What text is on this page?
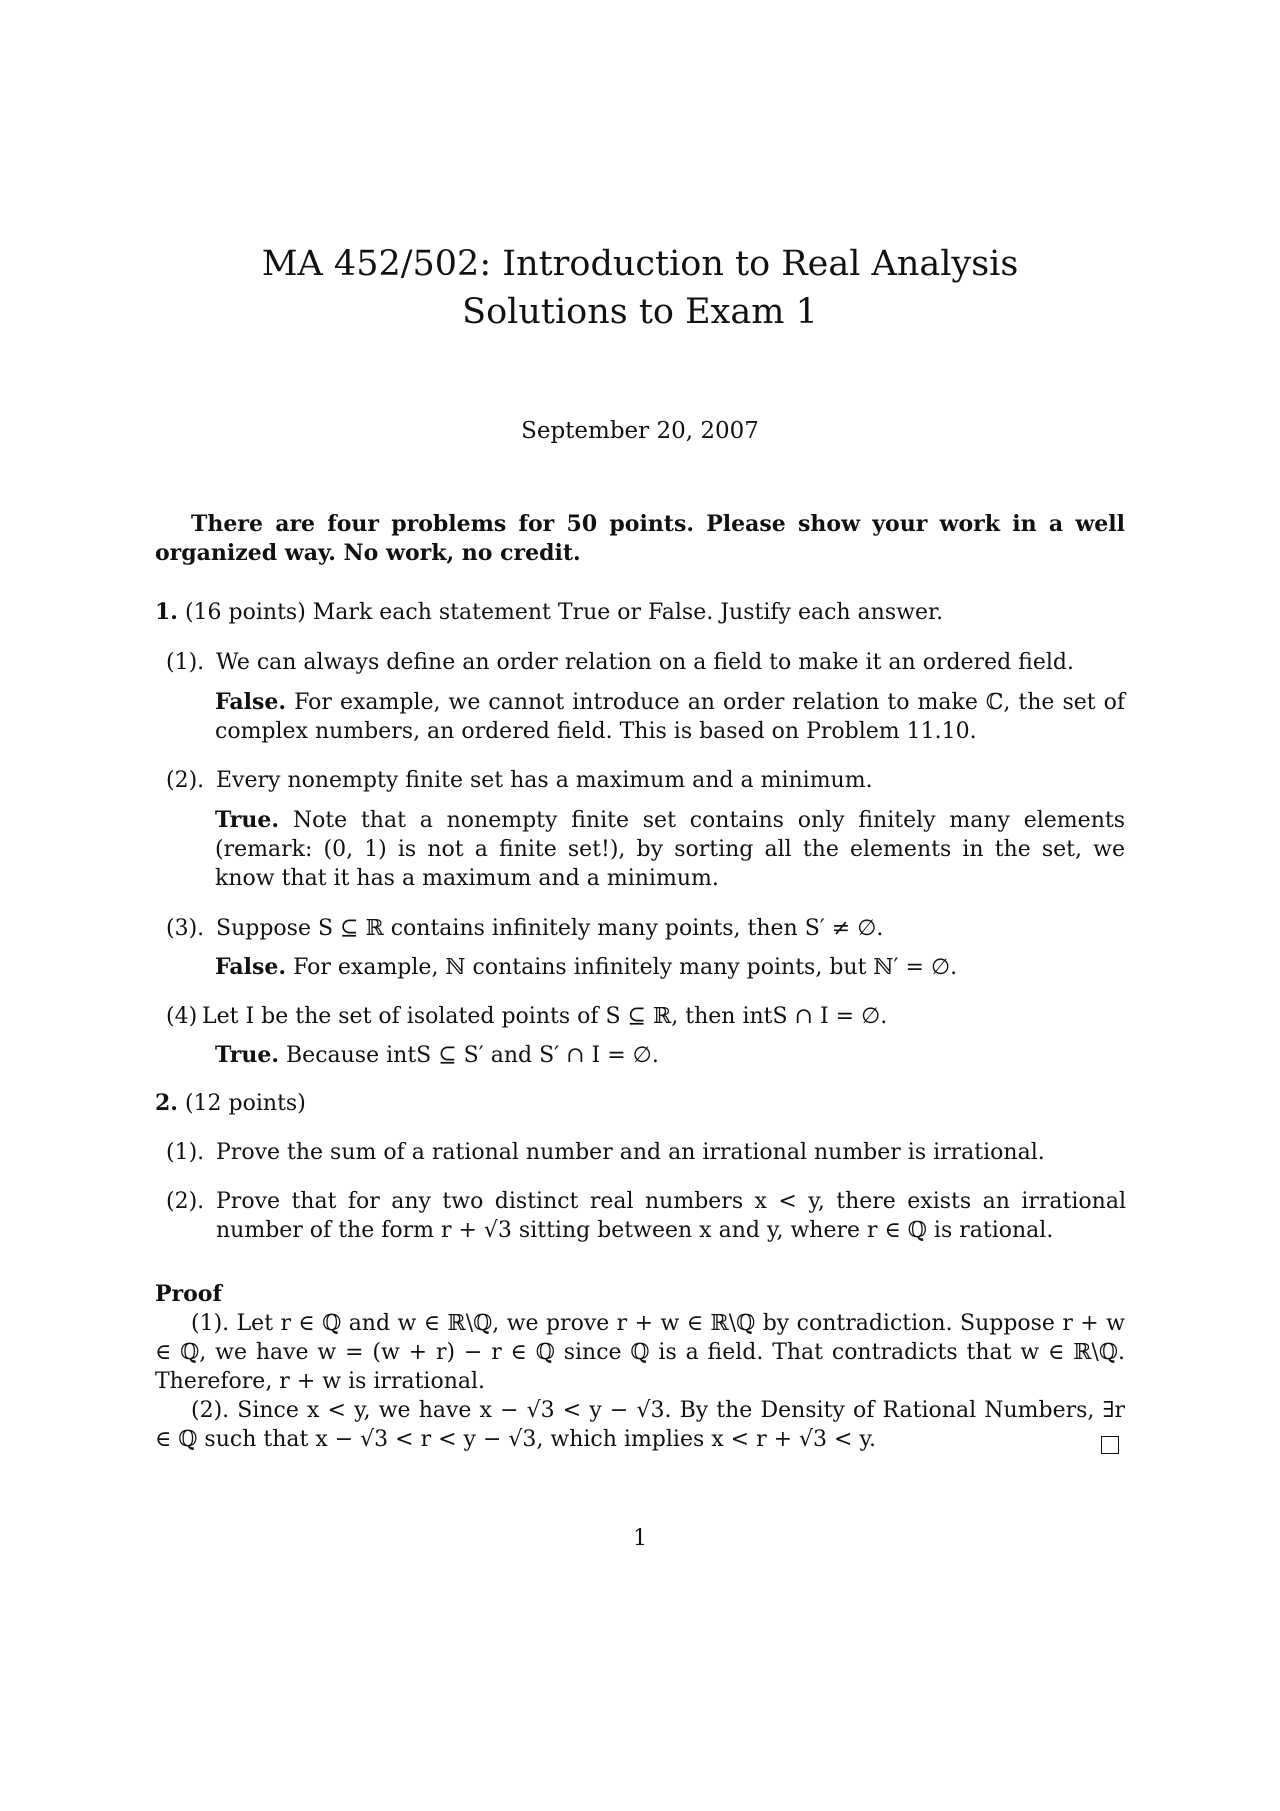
MA 452/502: Introduction to Real Analysis
Solutions to Exam 1
September 20, 2007
There are four problems for 50 points. Please show your work in a well organized way. No work, no credit.
1. (16 points) Mark each statement True or False. Justify each answer.
(1). We can always define an order relation on a field to make it an ordered field.
False. For example, we cannot introduce an order relation to make ℂ, the set of complex numbers, an ordered field. This is based on Problem 11.10.
(2). Every nonempty finite set has a maximum and a minimum.
True. Note that a nonempty finite set contains only finitely many elements (remark: (0, 1) is not a finite set!), by sorting all the elements in the set, we know that it has a maximum and a minimum.
(3). Suppose S ⊆ ℝ contains infinitely many points, then S′ ≠ ∅.
False. For example, ℕ contains infinitely many points, but ℕ′ = ∅.
(4) Let I be the set of isolated points of S ⊆ ℝ, then intS ∩ I = ∅.
True. Because intS ⊆ S′ and S′ ∩ I = ∅.
2. (12 points)
(1). Prove the sum of a rational number and an irrational number is irrational.
(2). Prove that for any two distinct real numbers x < y, there exists an irrational number of the form r + √3 sitting between x and y, where r ∈ ℚ is rational.
Proof
(1). Let r ∈ ℚ and w ∈ ℝ\ℚ, we prove r + w ∈ ℝ\ℚ by contradiction. Suppose r + w ∈ ℚ, we have w = (w + r) − r ∈ ℚ since ℚ is a field. That contradicts that w ∈ ℝ\ℚ. Therefore, r + w is irrational.
(2). Since x < y, we have x − √3 < y − √3. By the Density of Rational Numbers, ∃r ∈ ℚ such that x − √3 < r < y − √3, which implies x < r + √3 < y.
1
